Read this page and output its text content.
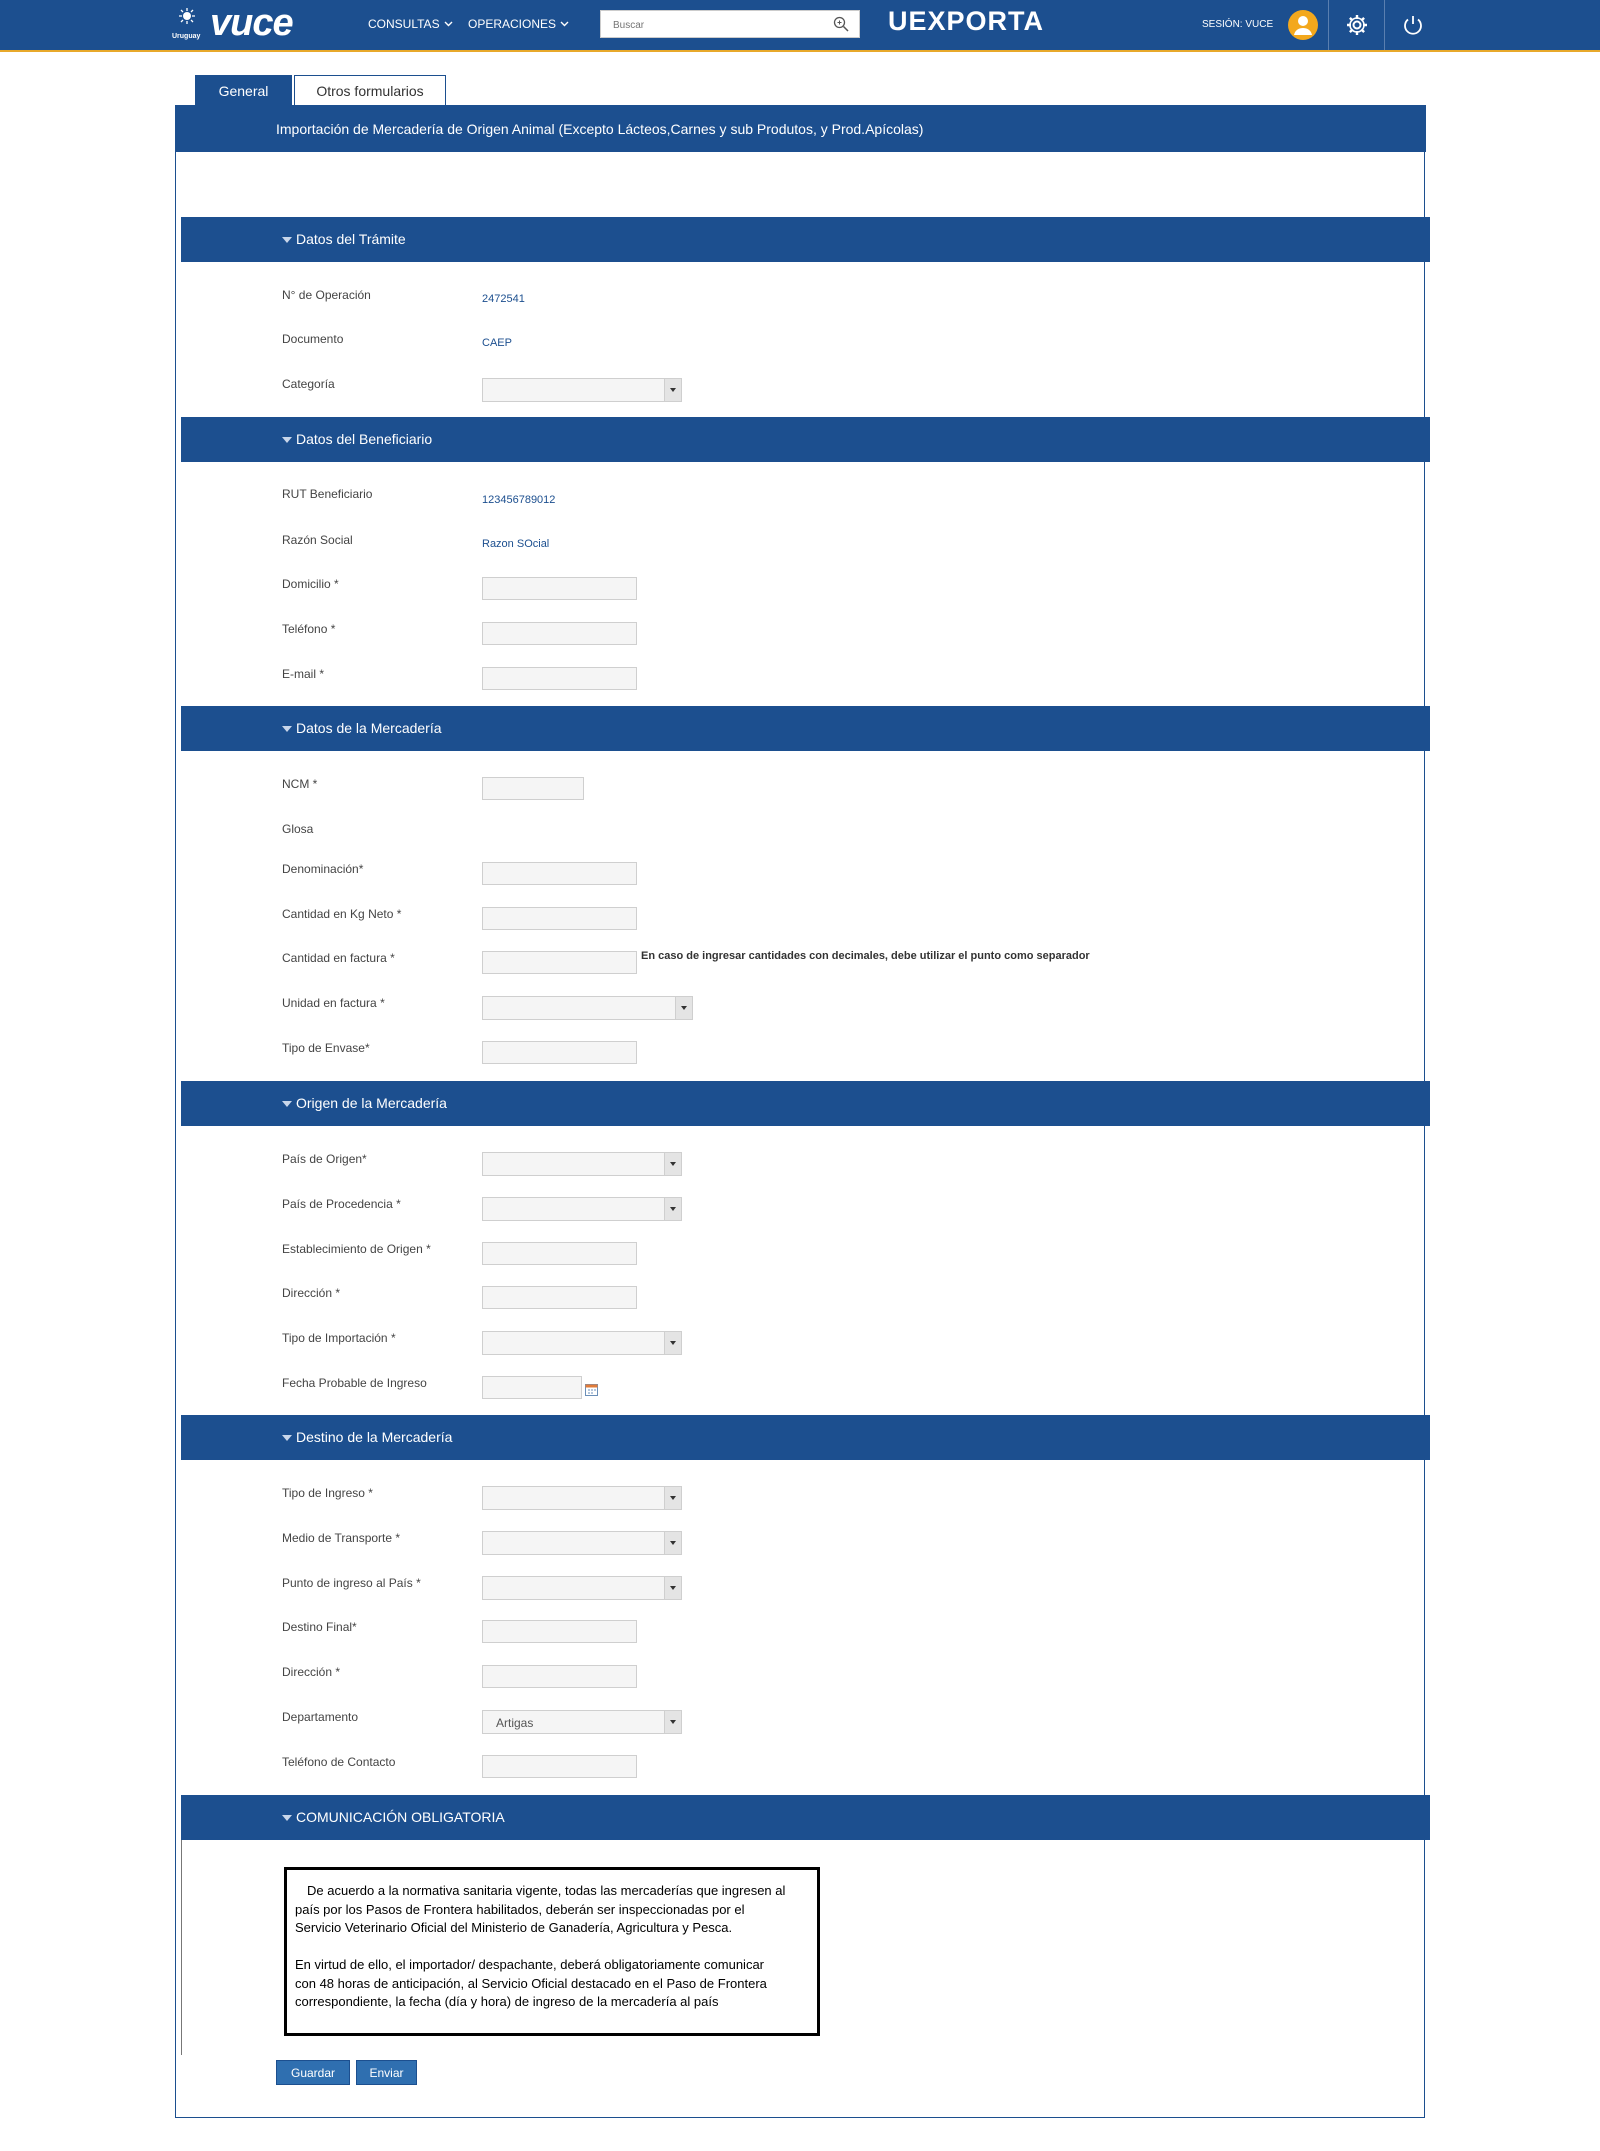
Uruguay vuce	CONSULTAS OPERACIONES
Buscar	UEXPORTA	SESIÓN: VUCE
General	Otros formularios
Importación de Mercadería de Origen Animal (Excepto Lácteos,Carnes y sub Produtos, y Prod.Apícolas)
Datos del Trámite
N° de Operación	2472541
Documento	CAEP
Categoría
Datos del Beneficiario
RUT Beneficiario	123456789012
Razón Social	Razon SOcial
Domicilio *
Teléfono *
E-mail *
Datos de la Mercadería
NCM *
Glosa
Denominación*
Cantidad en Kg Neto *
Cantidad en factura *	En caso de ingresar cantidades con decimales, debe utilizar el punto como separador
Unidad en factura *
Tipo de Envase*
Origen de la Mercadería
País de Origen*
País de Procedencia *
Establecimiento de Origen *
Dirección *
Tipo de Importación *
Fecha Probable de Ingreso
Destino de la Mercadería
Tipo de Ingreso *
Medio de Transporte *
Punto de ingreso al País *
Destino Final*
Dirección *
Departamento	Artigas
Teléfono de Contacto
COMUNICACIÓN OBLIGATORIA

De acuerdo a la normativa sanitaria vigente, todas las mercaderías que ingresen al

país por los Pasos de Frontera habilitados, deberán ser inspeccionadas por el

Servicio Veterinario Oficial del Ministerio de Ganadería, Agricultura y Pesca.

En virtud de ello, el importador/ despachante, deberá obligatoriamente comunicar

con 48 horas de anticipación, al Servicio Oficial destacado en el Paso de Frontera

correspondiente, la fecha (día y hora) de ingreso de la mercadería al país

Guardar	Enviar
